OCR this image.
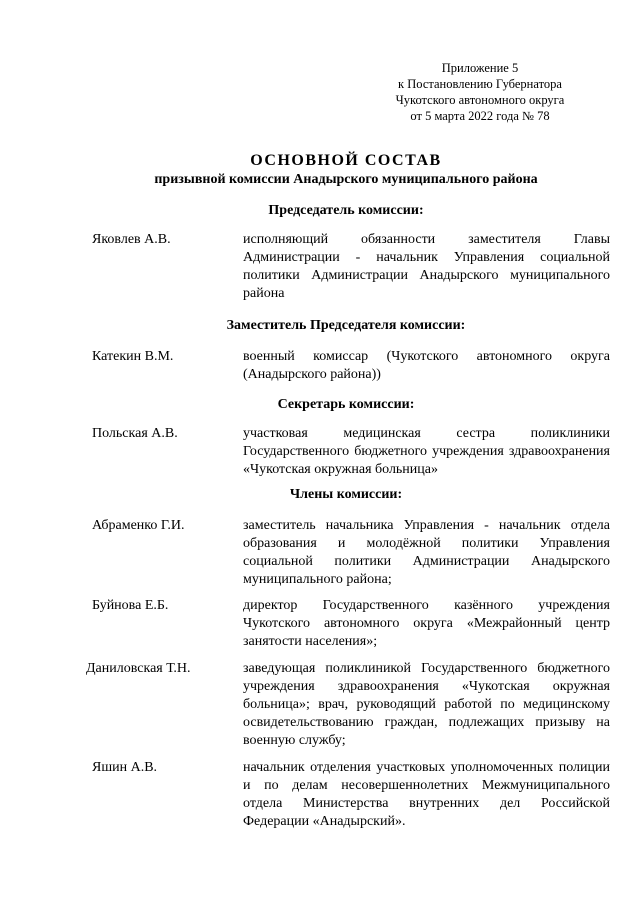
Приложение 5
к Постановлению Губернатора
Чукотского автономного округа
от 5 марта 2022 года № 78
ОСНОВНОЙ СОСТАВ
призывной комиссии Анадырского муниципального района
Председатель комиссии:
Яковлев А.В.	исполняющий обязанности заместителя Главы Администрации - начальник Управления социальной политики Администрации Анадырского муниципального района
Заместитель Председателя комиссии:
Катекин В.М.	военный комиссар (Чукотского автономного округа (Анадырского района))
Секретарь комиссии:
Польская А.В.	участковая медицинская сестра поликлиники Государственного бюджетного учреждения здравоохранения «Чукотская окружная больница»
Члены комиссии:
Абраменко Г.И.	заместитель начальника Управления - начальник отдела образования и молодёжной политики Управления социальной политики Администрации Анадырского муниципального района;
Буйнова Е.Б.	директор Государственного казённого учреждения Чукотского автономного округа «Межрайонный центр занятости населения»;
Даниловская Т.Н.	заведующая поликлиникой Государственного бюджетного учреждения здравоохранения «Чукотская окружная больница»; врач, руководящий работой по медицинскому освидетельствованию граждан, подлежащих призыву на военную службу;
Яшин А.В.	начальник отделения участковых уполномоченных полиции и по делам несовершеннолетних Межмуниципального отдела Министерства внутренних дел Российской Федерации «Анадырский».
